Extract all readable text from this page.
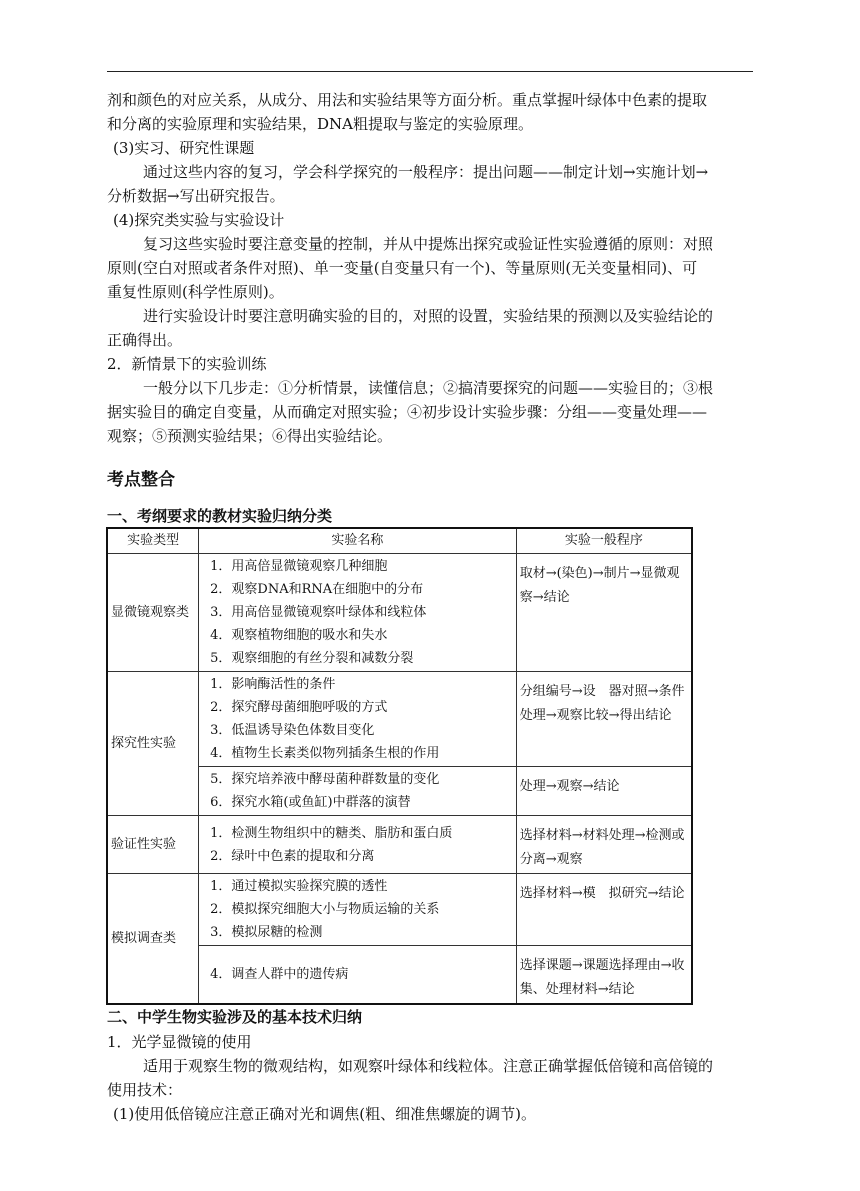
剂和颜色的对应关系，从成分、用法和实验结果等方面分析。重点掌握叶绿体中色素的提取
和分离的实验原理和实验结果，DNA粗提取与鉴定的实验原理。
(3)实习、研究性课题
通过这些内容的复习，学会科学探究的一般程序：提出问题——制定计划→实施计划→
分析数据→写出研究报告。
(4)探究类实验与实验设计
复习这些实验时要注意变量的控制，并从中提炼出探究或验证性实验遵循的原则：对照
原则(空白对照或者条件对照)、单一变量(自变量只有一个)、等量原则(无关变量相同)、可
重复性原则(科学性原则)。
进行实验设计时要注意明确实验的目的，对照的设置，实验结果的预测以及实验结论的
正确得出。
2．新情景下的实验训练
一般分以下几步走：①分析情景，读懂信息；②搞清要探究的问题——实验目的；③根
据实验目的确定自变量，从而确定对照实验；④初步设计实验步骤：分组——变量处理——
观察；⑤预测实验结果；⑥得出实验结论。
考点整合
一、考纲要求的教材实验归纳分类
实验类型	实验名称	实验一般程序
显微镜观察类	1．用高倍显微镜观察几种细胞
2．观察DNA和RNA在细胞中的分布
3．用高倍显微镜观察叶绿体和线粒体
4．观察植物细胞的吸水和失水
5．观察细胞的有丝分裂和减数分裂	取材→(染色)→制片→显微观察→结论
探究性实验	1．影响酶活性的条件
2．探究酵母菌细胞呼吸的方式
3．低温诱导染色体数目变化
4．植物生长素类似物列插条生根的作用	分组编号→设　器对照→条件处理→观察比较→得出结论

	5．探究培养液中酵母菌种群数量的变化
6．探究水箱(或鱼缸)中群落的演替	处理→观察→结论
验证性实验	1．检测生物组织中的糖类、脂肪和蛋白质
2．绿叶中色素的提取和分离	选择材料→材料处理→检测或分离→观察
模拟调查类	1．通过模拟实验探究膜的透性
2．模拟探究细胞大小与物质运输的关系
3．模拟尿糖的检测	选择材料→模　拟研究→结论

	4．调查人群中的遗传病	选择课题→课题选择理由→收集、处理材料→结论
二、中学生物实验涉及的基本技术归纳
1．光学显微镜的使用
适用于观察生物的微观结构，如观察叶绿体和线粒体。注意正确掌握低倍镜和高倍镜的
使用技术：
(1)使用低倍镜应注意正确对光和调焦(粗、细准焦螺旋的调节)。
